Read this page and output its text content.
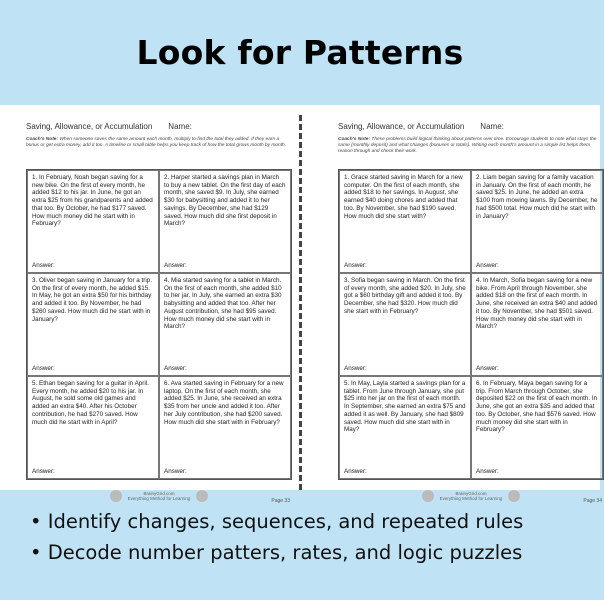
Look for Patterns
Saving, Allowance, or Accumulation Name:
Coach's Note: When someone saves the same amount each month, multiply to find the total they added. If they earn a bonus or get extra money, add it too. A timeline or small table helps you keep track of how the total grows month by month.
1. In February, Noah began saving for a new bike. On the first of every month, he added $12 to his jar. In June, he got an extra $25 from his grandparents and added that too. By October, he had $177 saved. How much money did he start with in February?
Answer:
2. Harper started a savings plan in March to buy a new tablet. On the first day of each month, she saved $9. In July, she earned $30 for babysitting and added it to her savings. By December, she had $129 saved. How much did she first deposit in March?
Answer:
3. Oliver began saving in January for a trip. On the first of every month, he added $15. In May, he got an extra $50 for his birthday and added it too. By November, he had $260 saved. How much did he start with in January?
Answer:
4. Mia started saving for a tablet in March. On the first of each month, she added $10 to her jar. In July, she earned an extra $30 babysitting and added that too. After her August contribution, she had $95 saved. How much money did she start with in March?
Answer:
5. Ethan began saving for a guitar in April. Every month, he added $20 to his jar. In August, he sold some old games and added an extra $40. After his October contribution, he had $270 saved. How much did he start with in April?
Answer:
6. Ava started saving in February for a new laptop. On the first of each month, she added $25. In June, she received an extra $35 from her uncle and added it too. After her July contribution, she had $200 saved. How much did she start with in February?
Answer:
BrainyGrid.com
Everything Method for Learning	Page 33
Saving, Allowance, or Accumulation Name:
Coach's Note: These problems build logical thinking about patterns over time. Encourage students to note what stays the same (monthly deposit) and what changes (bonuses or totals). Writing each month's amount in a simple list helps them reason through and check their work.
1. Grace started saving in March for a new computer. On the first of each month, she added $18 to her savings. In August, she earned $40 doing chores and added that too. By November, she had $190 saved. How much did she start with?
Answer:
2. Liam began saving for a family vacation in January. On the first of each month, he saved $25. In June, he added an extra $100 from mowing lawns. By December, he had $500 total. How much did he start with in January?
Answer:
3. Sofia began saving in March. On the first of every month, she added $20. In July, she got a $60 birthday gift and added it too. By December, she had $320. How much did she start with in February?
Answer:
4. In March, Sofia began saving for a new bike. From April through November, she added $18 on the first of each month. In June, she received an extra $40 and added it too. By November, she had $501 saved. How much money did she start with in March?
Answer:
5. In May, Layla started a savings plan for a tablet. From June through January, she put $25 into her jar on the first of each month. In September, she earned an extra $75 and added it as well. By January, she had $809 saved. How much did she start with in May?
Answer:
6. In February, Maya began saving for a trip. From March through October, she deposited $22 on the first of each month. In June, she got an extra $35 and added that too. By October, she had $576 saved. How much money did she start with in February?
Answer:
BrainyGrid.com
Everything Method for Learning	Page 34
• Identify changes, sequences, and repeated rules
• Decode number patters, rates, and logic puzzles
